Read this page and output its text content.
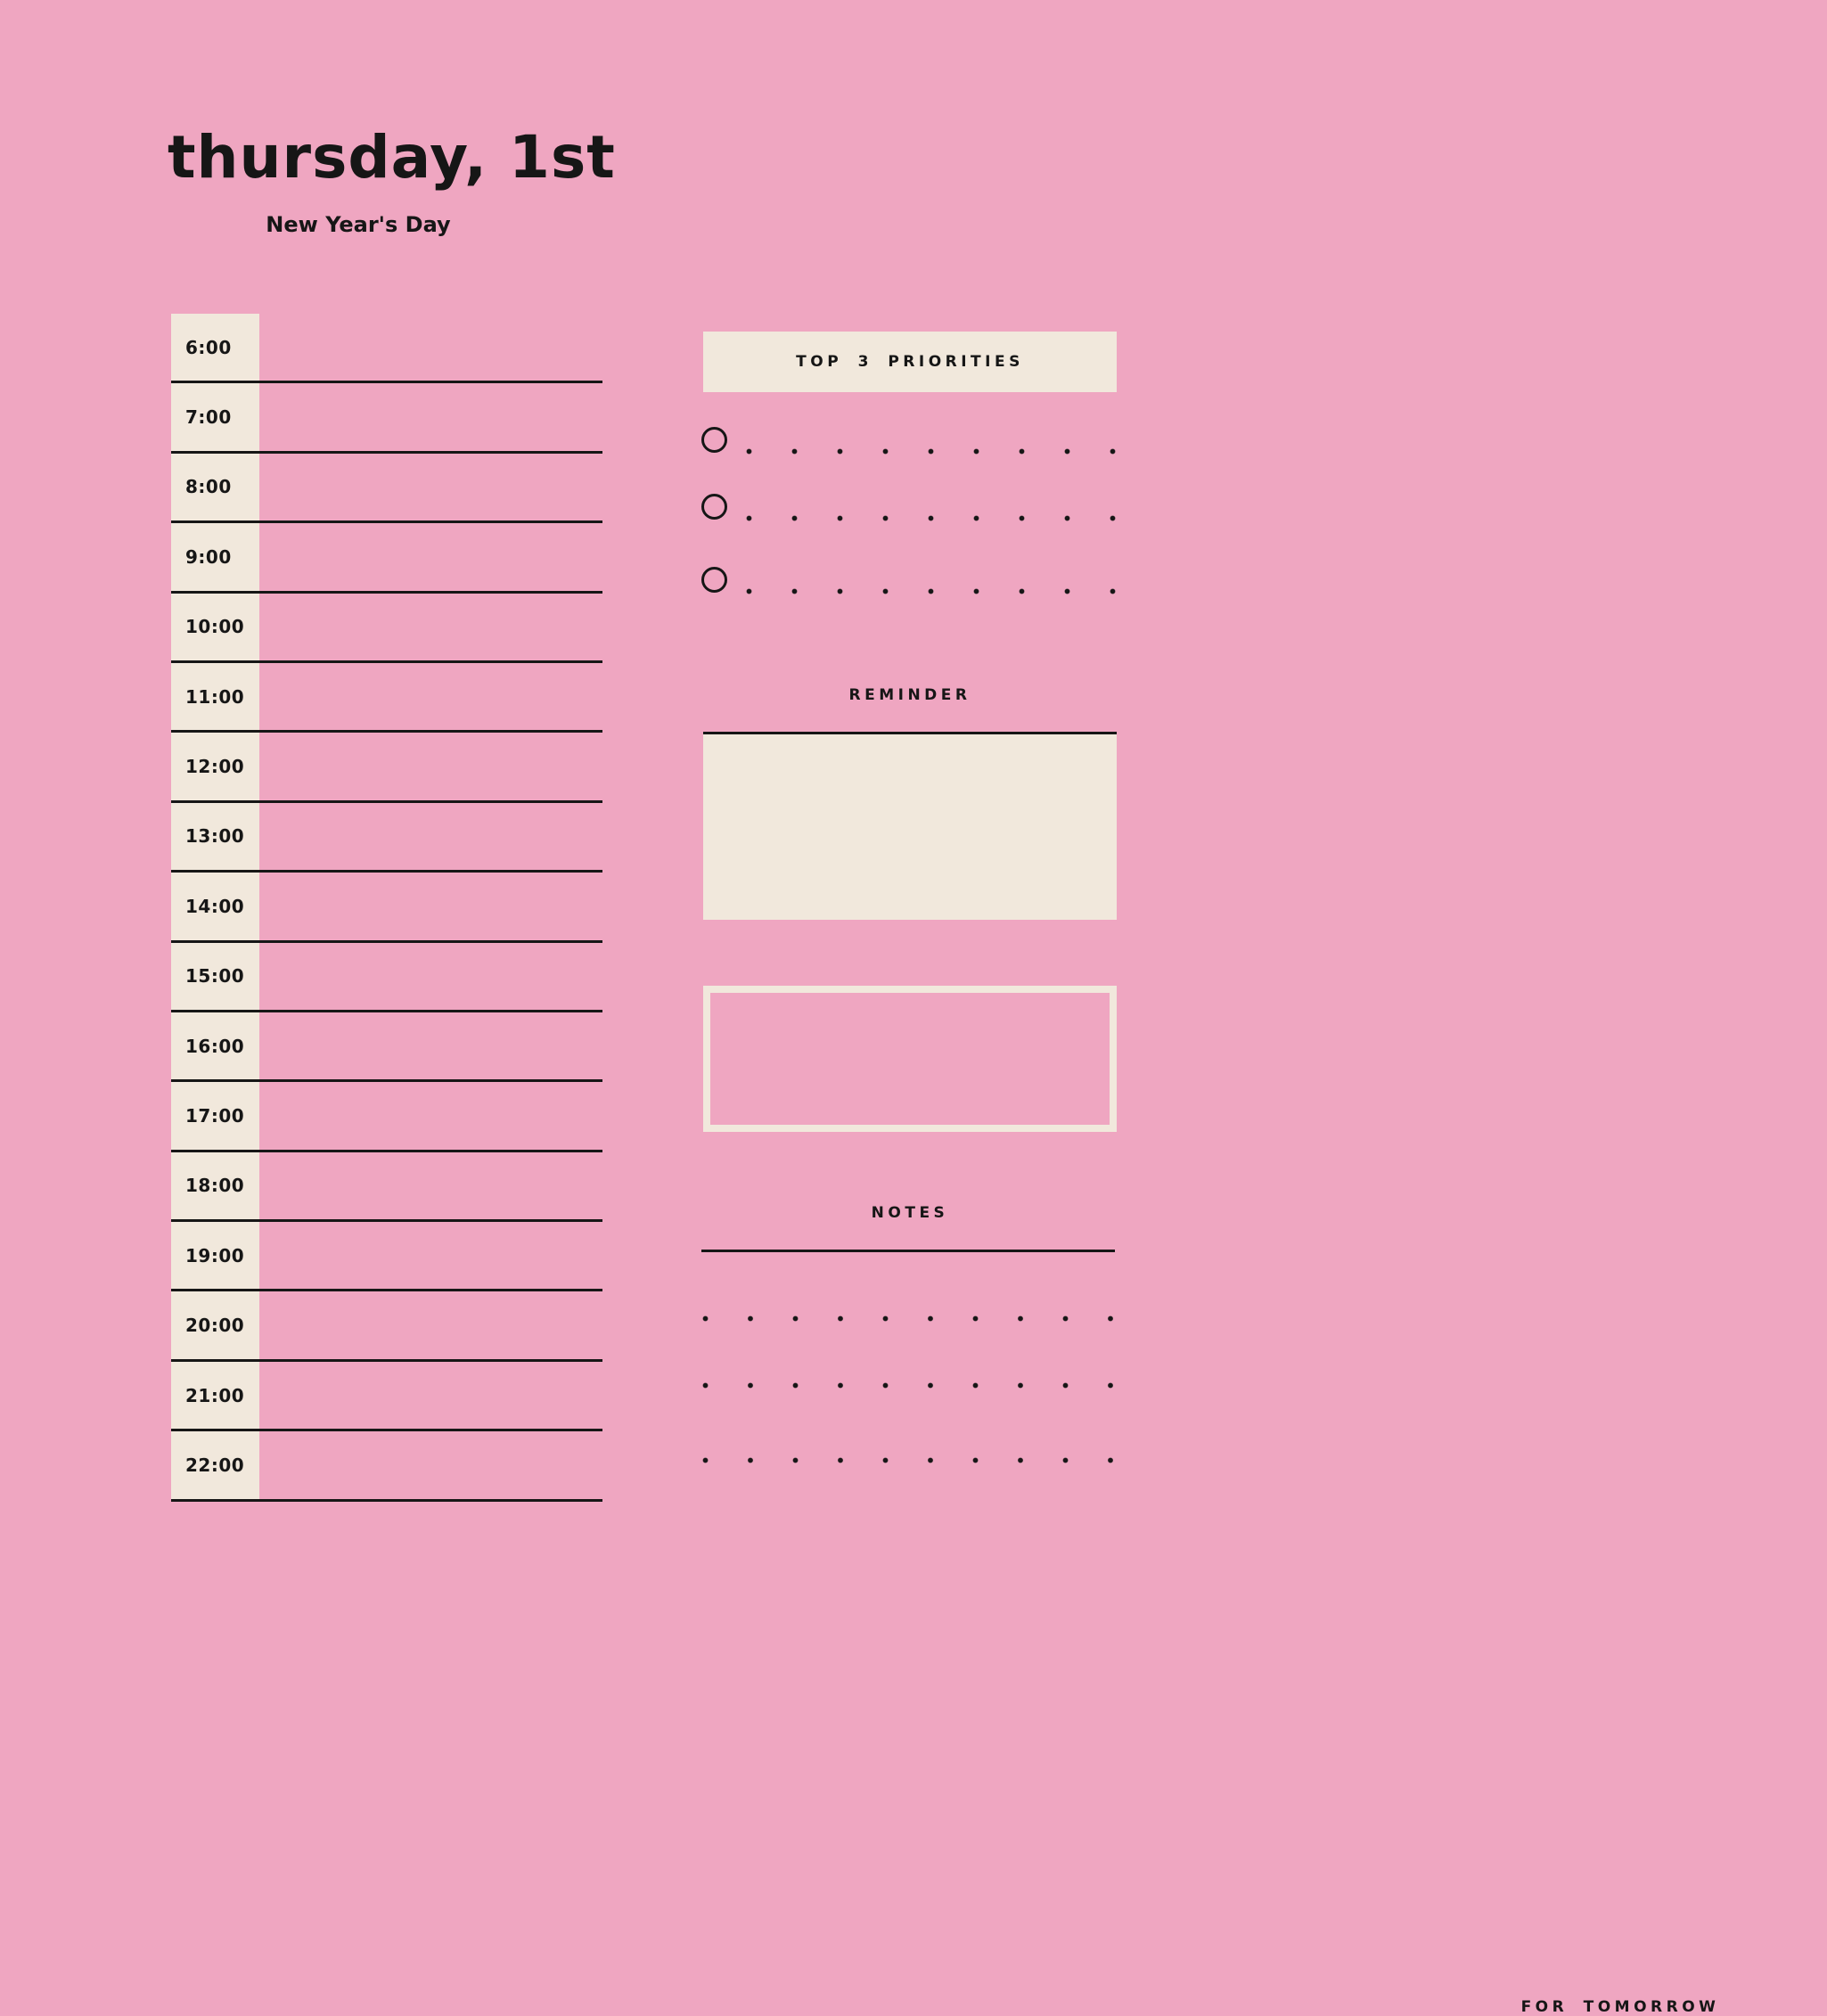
thursday, 1st
New Year's Day
6:00
7:00
8:00
9:00
10:00
11:00
12:00
13:00
14:00
15:00
16:00
17:00
18:00
19:00
20:00
21:00
22:00
TOP 3 PRIORITIES
REMINDER
FOR TOMORROW
NOTES
